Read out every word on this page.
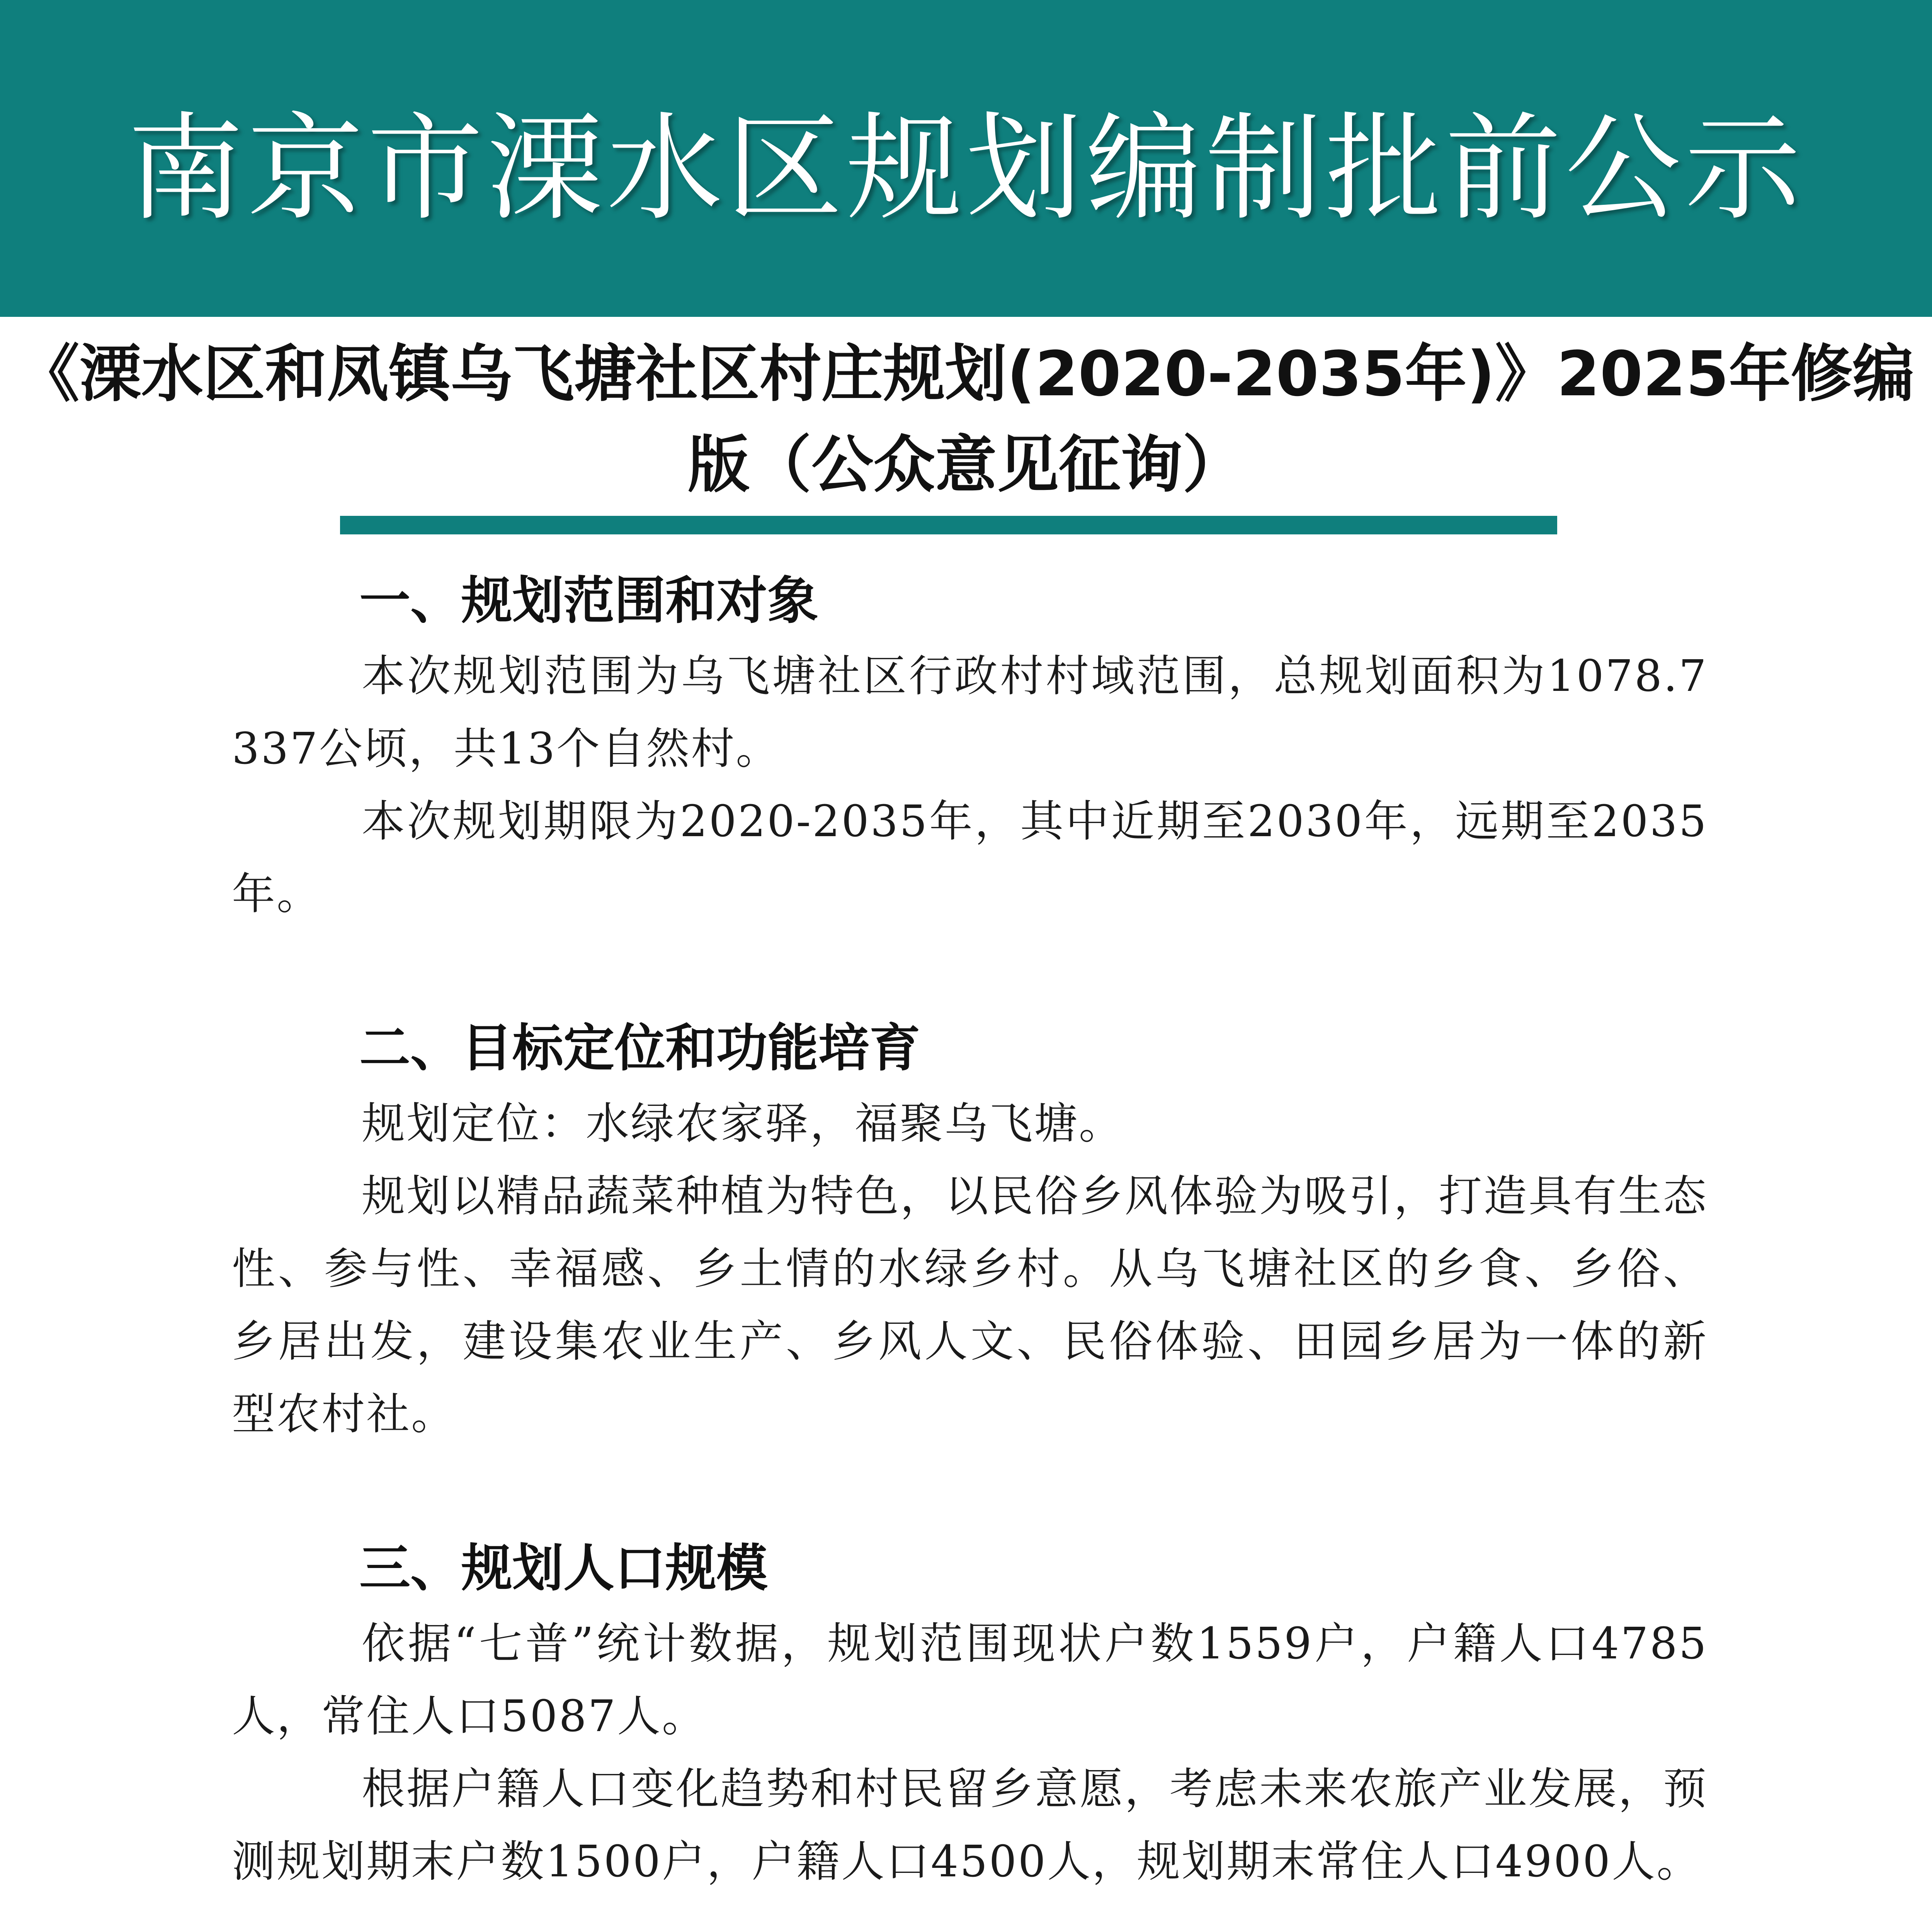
南京市溧水区规划编制批前公示
《溧水区和凤镇乌飞塘社区村庄规划(2020-2035年)》2025年修编
版（公众意见征询）
一、规划范围和对象

本次规划范围为乌飞塘社区行政村村域范围，总规划面积为1078.7337公顷，共13个自然村。

本次规划期限为2020-2035年，其中近期至2030年，远期至2035年。

二、目标定位和功能培育

规划定位：水绿农家驿，福聚乌飞塘。

规划以精品蔬菜种植为特色，以民俗乡风体验为吸引，打造具有生态性、参与性、幸福感、乡土情的水绿乡村。从乌飞塘社区的乡食、乡俗、乡居出发，建设集农业生产、乡风人文、民俗体验、田园乡居为一体的新型农村社。

三、规划人口规模

依据“七普”统计数据，规划范围现状户数1559户，户籍人口4785人，常住人口5087人。

根据户籍人口变化趋势和村民留乡意愿，考虑未来农旅产业发展，预测规划期末户数1500户，户籍人口4500人，规划期末常住人口4900人。
